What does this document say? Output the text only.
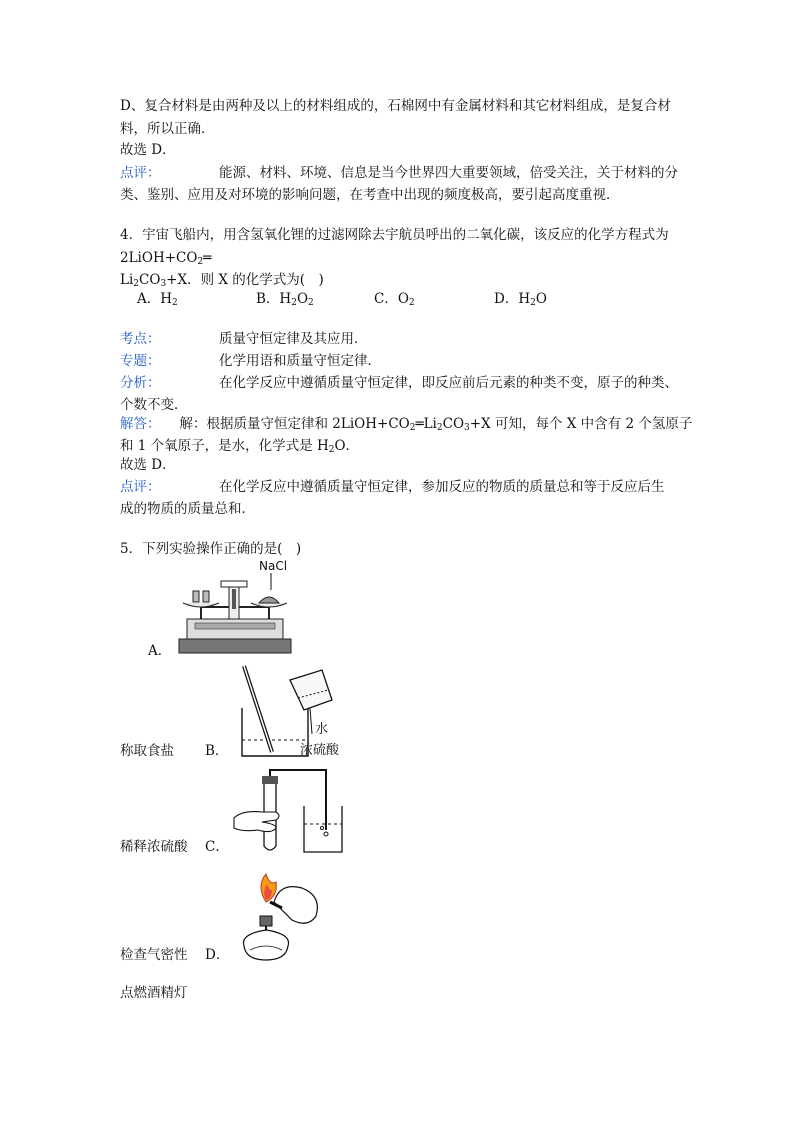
D、复合材料是由两种及以上的材料组成的，石棉网中有金属材料和其它材料组成，是复合材
料，所以正确．
故选 D．
点评：	能源、材料、环境、信息是当今世界四大重要领域，倍受关注，关于材料的分
类、鉴别、应用及对环境的影响问题，在考查中出现的频度极高，要引起高度重视．
4．宇宙飞船内，用含氢氧化锂的过滤网除去宇航员呼出的二氧化碳，该反应的化学方程式为
$2LiOH+CO_2═$
$Li_2CO_3+X$．则 X 的化学式为(　)
A．$H_2$	B．$H_2O_2$	C．$O_2$	D．$H_2O$
考点：	质量守恒定律及其应用．
专题：	化学用语和质量守恒定律．
分析：	在化学反应中遵循质量守恒定律，即反应前后元素的种类不变，原子的种类、
个数不变．
解答： 　解：根据质量守恒定律和 $2LiOH+CO_2═Li_2CO_3+X$ 可知，每个 X 中含有 2 个氢原子
和 1 个氧原子，是水，化学式是 $H_2O$．
故选 D．
点评：	在化学反应中遵循质量守恒定律，参加反应的物质的质量总和等于反应后生
成的物质的质量总和．
5．下列实验操作正确的是(　)
NaCl
A．
水
浓硫酸
称取食盐 B．
稀释浓硫酸 C．
检查气密性 D．
点燃酒精灯
